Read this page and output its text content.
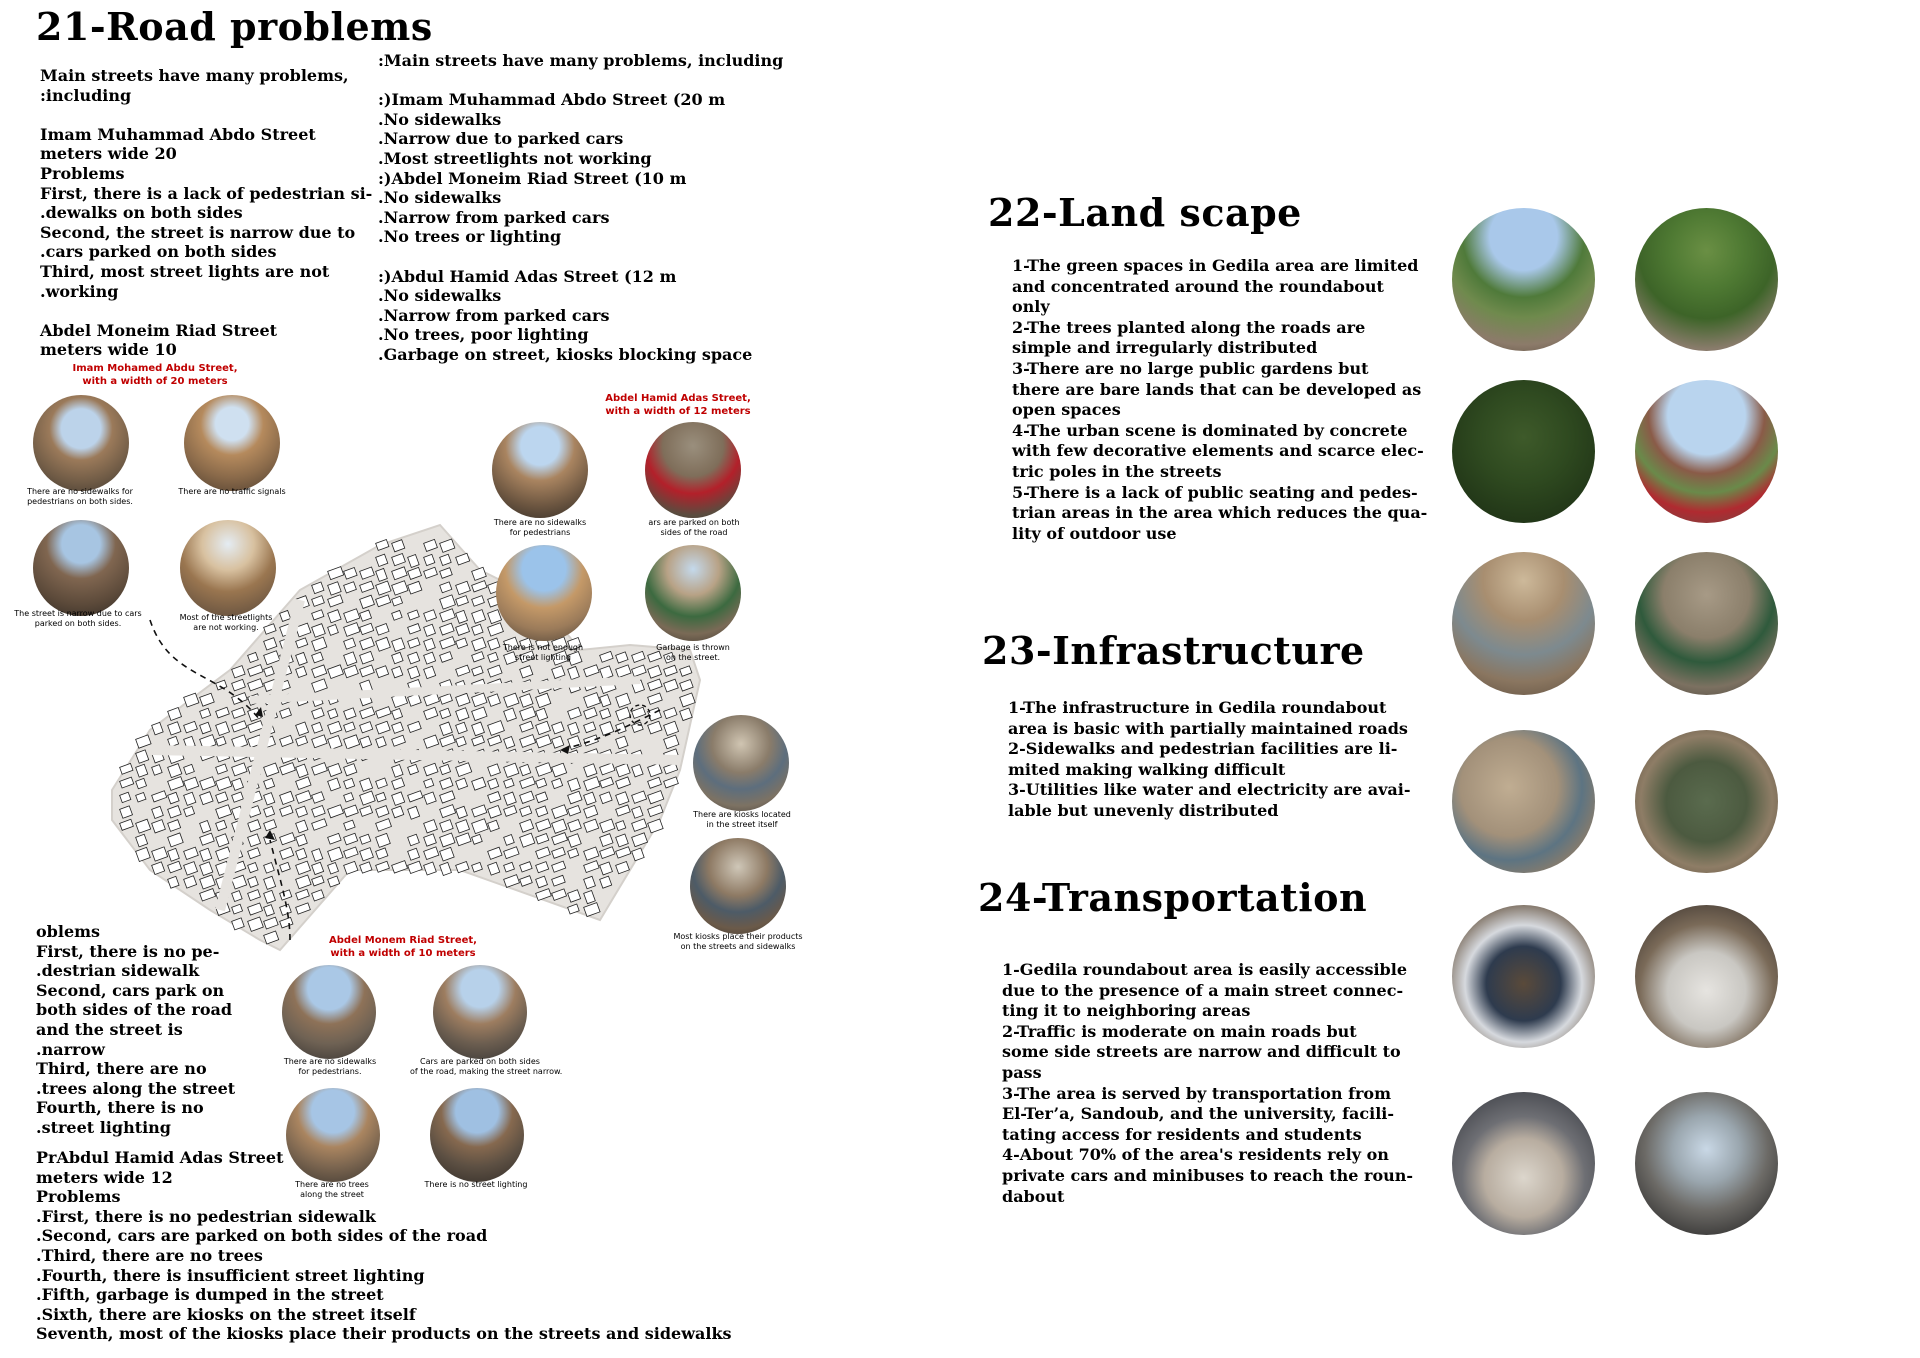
21-Road problems
Main streets have many problems,
:including

Imam Muhammad Abdo Street
meters wide 20
Problems
First, there is a lack of pedestrian si-
.dewalks on both sides
Second, the street is narrow due to
.cars parked on both sides
Third, most street lights are not
.working

Abdel Moneim Riad Street
meters wide 10
:Main streets have many problems, including

:)Imam Muhammad Abdo Street (20 m
.No sidewalks
.Narrow due to parked cars
.Most streetlights not working
:)Abdel Moneim Riad Street (10 m
.No sidewalks
.Narrow from parked cars
.No trees or lighting

:)Abdul Hamid Adas Street (12 m
.No sidewalks
.Narrow from parked cars
.No trees, poor lighting
.Garbage on street, kiosks blocking space
Imam Mohamed Abdu Street,
with a width of 20 meters
Abdel Hamid Adas Street,
with a width of 12 meters
Abdel Monem Riad Street,
with a width of 10 meters
There are no sidewalks for
pedestrians on both sides.
There are no traffic signals
The street is narrow due to cars
parked on both sides.
Most of the streetlights
are not working.
There are no sidewalks
for pedestrians
ars are parked on both
sides of the road
There is not enough
street lighting
Garbage is thrown
on the street.
There are kiosks located
in the street itself
Most kiosks place their products
on the streets and sidewalks
There are no sidewalks
for pedestrians.
Cars are parked on both sides
of the road, making the street narrow.
There are no trees
along the street
There is no street lighting
oblems
First, there is no pe-
.destrian sidewalk
Second, cars park on
both sides of the road
and the street is
.narrow
Third, there are no
.trees along the street
Fourth, there is no
.street lighting
PrAbdul Hamid Adas Street
meters wide 12
Problems
.First, there is no pedestrian sidewalk
.Second, cars are parked on both sides of the road
.Third, there are no trees
.Fourth, there is insufficient street lighting
.Fifth, garbage is dumped in the street
.Sixth, there are kiosks on the street itself
Seventh, most of the kiosks place their products on the streets and sidewalks
22-Land scape
1-The green spaces in Gedila area are limited
and concentrated around the roundabout
only
2-The trees planted along the roads are
simple and irregularly distributed
3-There are no large public gardens but
there are bare lands that can be developed as
open spaces
4-The urban scene is dominated by concrete
with few decorative elements and scarce elec-
tric poles in the streets
5-There is a lack of public seating and pedes-
trian areas in the area which reduces the qua-
lity of outdoor use
23-Infrastructure
1-The infrastructure in Gedila roundabout
area is basic with partially maintained roads
2-Sidewalks and pedestrian facilities are li-
mited making walking difficult
3-Utilities like water and electricity are avai-
lable but unevenly distributed
24-Transportation
1-Gedila roundabout area is easily accessible
due to the presence of a main street connec-
ting it to neighboring areas
2-Traffic is moderate on main roads but
some side streets are narrow and difficult to
pass
3-The area is served by transportation from
El-Ter’a, Sandoub, and the university, facili-
tating access for residents and students
4-About 70% of the area's residents rely on
private cars and minibuses to reach the roun-
dabout
